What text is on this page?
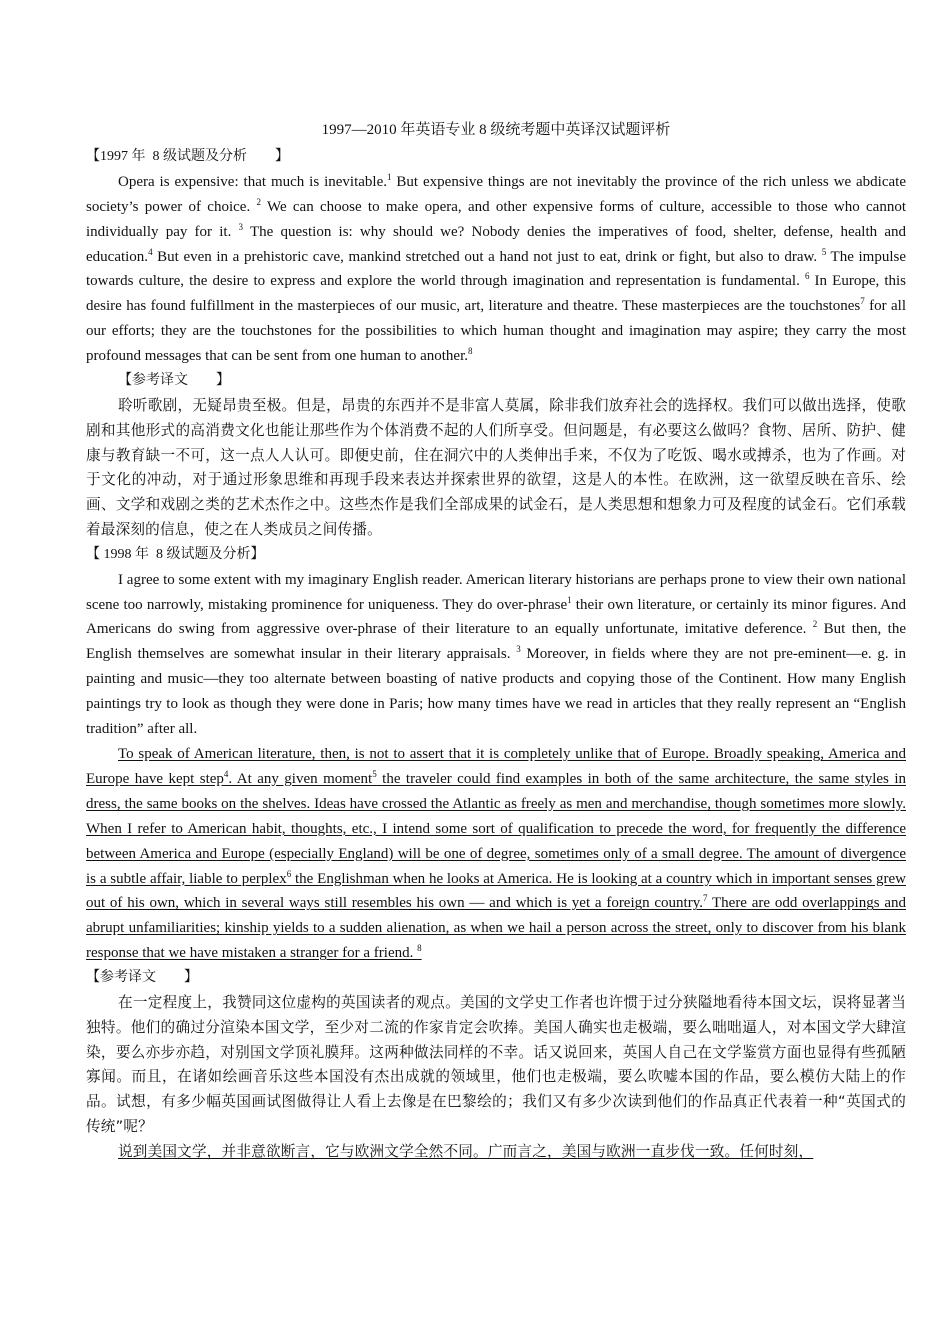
1997—2010 年英语专业 8 级统考题中英译汉试题评析

【1997 年  8 级试题及分析        】

Opera is expensive: that much is inevitable.$^1$ But expensive things are not inevitably the province of the rich unless we abdicate society’s power of choice. $^2$ We can choose to make opera, and other expensive forms of culture, accessible to those who cannot individually pay for it. $^3$ The question is: why should we? Nobody denies the imperatives of food, shelter, defense, health and education.$^4$ But even in a prehistoric cave, mankind stretched out a hand not just to eat, drink or fight, but also to draw. $^5$ The impulse towards culture, the desire to express and explore the world through imagination and representation is fundamental. $^6$ In Europe, this desire has found fulfillment in the masterpieces of our music, art, literature and theatre. These masterpieces are the touchstones$^7$ for all our efforts; they are the touchstones for the possibilities to which human thought and imagination may aspire; they carry the most profound messages that can be sent from one human to another.$^8$

【参考译文        】

聆听歌剧，无疑昂贵至极。但是，昂贵的东西并不是非富人莫属，除非我们放弃社会的选择权。我们可以做出选择，使歌剧和其他形式的高消费文化也能让那些作为个体消费不起的人们所享受。但问题是，有必要这么做吗？食物、居所、防护、健康与教育缺一不可，这一点人人认可。即便史前，住在洞穴中的人类伸出手来，不仅为了吃饭、喝水或搏杀，也为了作画。对于文化的冲动，对于通过形象思维和再现手段来表达并探索世界的欲望，这是人的本性。在欧洲，这一欲望反映在音乐、绘画、文学和戏剧之类的艺术杰作之中。这些杰作是我们全部成果的试金石，是人类思想和想象力可及程度的试金石。它们承载着最深刻的信息，使之在人类成员之间传播。

【 1998 年  8 级试题及分析】

I agree to some extent with my imaginary English reader. American literary historians are perhaps prone to view their own national scene too narrowly, mistaking prominence for uniqueness. They do over-phrase$^1$ their own literature, or certainly its minor figures. And Americans do swing from aggressive over-phrase of their literature to an equally unfortunate, imitative deference. $^2$ But then, the English themselves are somewhat insular in their literary appraisals. $^3$ Moreover, in fields where they are not pre-eminent—e. g. in painting and music—they too alternate between boasting of native products and copying those of the Continent. How many English paintings try to look as though they were done in Paris; how many times have we read in articles that they really represent an “English tradition” after all.

To speak of American literature, then, is not to assert that it is completely unlike that of Europe. Broadly speaking, America and Europe have kept step$^4$. At any given moment$^5$ the traveler could find examples in both of the same architecture, the same styles in dress, the same books on the shelves. Ideas have crossed the Atlantic as freely as men and merchandise, though sometimes more slowly. When I refer to American habit, thoughts, etc., I intend some sort of qualification to precede the word, for frequently the difference between America and Europe (especially England) will be one of degree, sometimes only of a small degree. The amount of divergence is a subtle affair, liable to perplex$^6$ the Englishman when he looks at America. He is looking at a country which in important senses grew out of his own, which in several ways still resembles his own — and which is yet a foreign country.$^7$ There are odd overlappings and abrupt unfamiliarities; kinship yields to a sudden alienation, as when we hail a person across the street, only to discover from his blank response that we have mistaken a stranger for a friend. $^8$

【参考译文        】

在一定程度上，我赞同这位虚构的英国读者的观点。美国的文学史工作者也许惯于过分狭隘地看待本国文坛，误将显著当独特。他们的确过分渲染本国文学，至少对二流的作家肯定会吹捧。美国人确实也走极端，要么咄咄逼人，对本国文学大肆渲染，要么亦步亦趋，对别国文学顶礼膜拜。这两种做法同样的不幸。话又说回来，英国人自己在文学鉴赏方面也显得有些孤陋寡闻。而且，在诸如绘画音乐这些本国没有杰出成就的领域里，他们也走极端，要么吹嘘本国的作品，要么模仿大陆上的作品。试想，有多少幅英国画试图做得让人看上去像是在巴黎绘的；我们又有多少次读到他们的作品真正代表着一种“英国式的传统”呢？

说到美国文学，并非意欲断言，它与欧洲文学全然不同。广而言之，美国与欧洲一直步伐一致。任何时刻，
